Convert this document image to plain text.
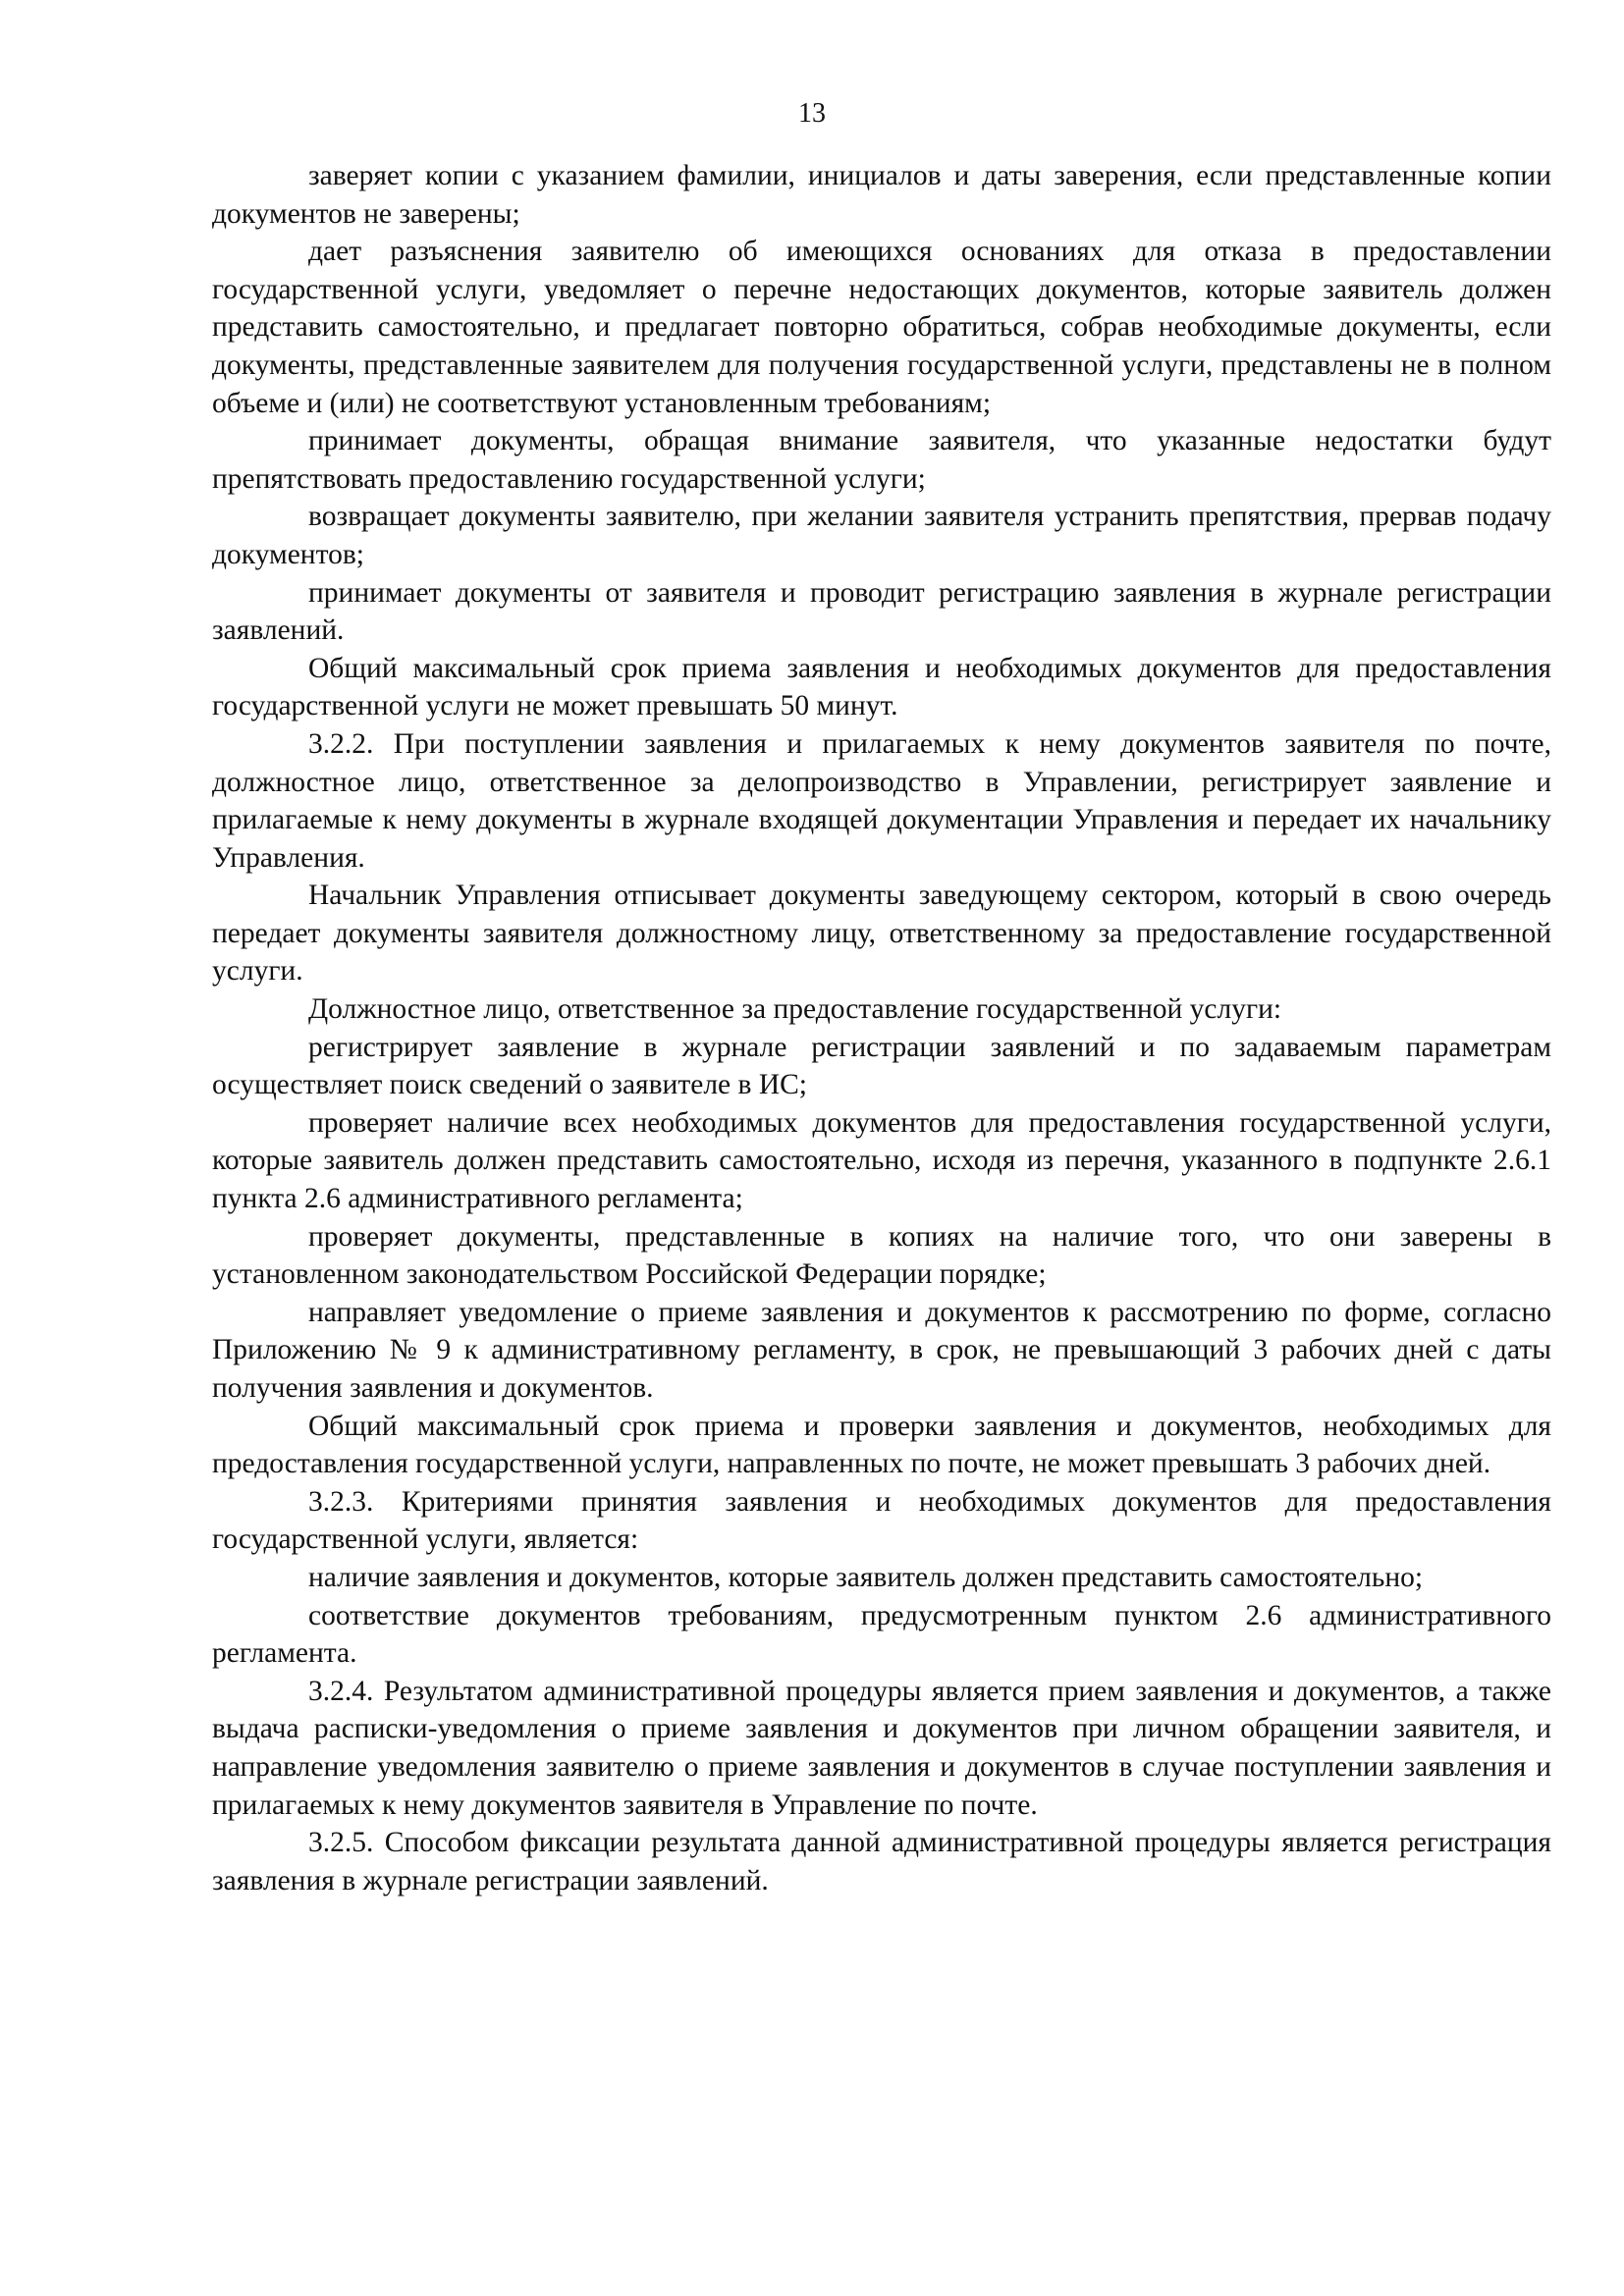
13

заверяет копии с указанием фамилии, инициалов и даты заверения, если представленные копии документов не заверены;

дает разъяснения заявителю об имеющихся основаниях для отказа в предоставлении государственной услуги, уведомляет о перечне недостающих документов, которые заявитель должен представить самостоятельно, и предлагает повторно обратиться, собрав необходимые документы, если документы, представленные заявителем для получения государственной услуги, представлены не в полном объеме и (или) не соответствуют установленным требованиям;

принимает документы, обращая внимание заявителя, что указанные недостатки будут препятствовать предоставлению государственной услуги;

возвращает документы заявителю, при желании заявителя устранить препятствия, прервав подачу документов;

принимает документы от заявителя и проводит регистрацию заявления в журнале регистрации заявлений.

Общий максимальный срок приема заявления и необходимых документов для предоставления государственной услуги не может превышать 50 минут.

3.2.2. При поступлении заявления и прилагаемых к нему документов заявителя по почте, должностное лицо, ответственное за делопроизводство в Управлении, регистрирует заявление и прилагаемые к нему документы в журнале входящей документации Управления и передает их начальнику Управления.

Начальник Управления отписывает документы заведующему сектором, который в свою очередь передает документы заявителя должностному лицу, ответственному за предоставление государственной услуги.

Должностное лицо, ответственное за предоставление государственной услуги:

регистрирует заявление в журнале регистрации заявлений и по задаваемым параметрам осуществляет поиск сведений о заявителе в ИС;

проверяет наличие всех необходимых документов для предоставления государственной услуги, которые заявитель должен представить самостоятельно, исходя из перечня, указанного в подпункте 2.6.1 пункта 2.6 административного регламента;

проверяет документы, представленные в копиях на наличие того, что они заверены в установленном законодательством Российской Федерации порядке;

направляет уведомление о приеме заявления и документов к рассмотрению по форме, согласно Приложению № 9 к административному регламенту, в срок, не превышающий 3 рабочих дней с даты получения заявления и документов.

Общий максимальный срок приема и проверки заявления и документов, необходимых для предоставления государственной услуги, направленных по почте, не может превышать 3 рабочих дней.

3.2.3. Критериями принятия заявления и необходимых документов для предоставления государственной услуги, является:

наличие заявления и документов, которые заявитель должен представить самостоятельно;

соответствие документов требованиям, предусмотренным пунктом 2.6 административного регламента.

3.2.4. Результатом административной процедуры является прием заявления и документов, а также выдача расписки-уведомления о приеме заявления и документов при личном обращении заявителя, и направление уведомления заявителю о приеме заявления и документов в случае поступлении заявления и прилагаемых к нему документов заявителя в Управление по почте.

3.2.5. Способом фиксации результата данной административной процедуры является регистрация заявления в журнале регистрации заявлений.
